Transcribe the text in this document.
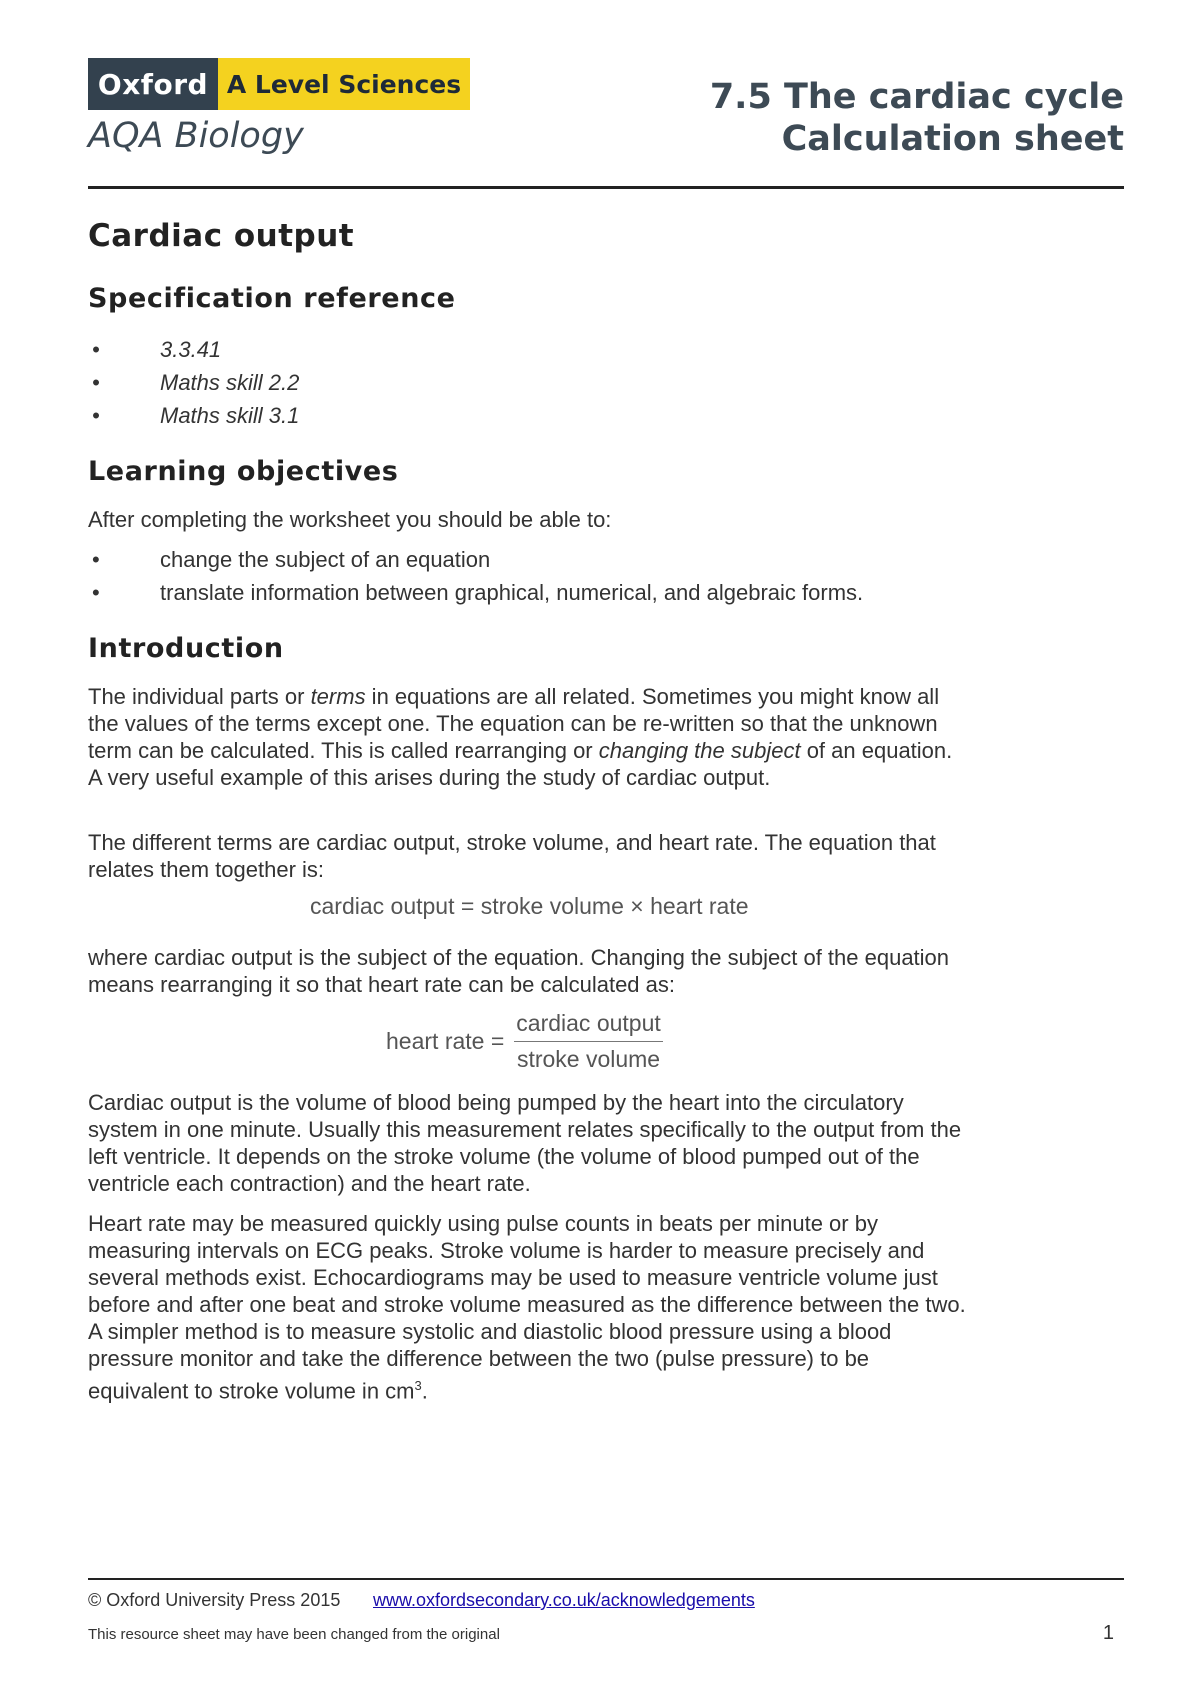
Oxford A Level Sciences
AQA Biology
7.5 The cardiac cycle
Calculation sheet
Cardiac output
Specification reference
• 3.3.41
• Maths skill 2.2
• Maths skill 3.1
Learning objectives
After completing the worksheet you should be able to:
• change the subject of an equation
• translate information between graphical, numerical, and algebraic forms.
Introduction
The individual parts or terms in equations are all related. Sometimes you might know all the values of the terms except one. The equation can be re-written so that the unknown term can be calculated. This is called rearranging or changing the subject of an equation. A very useful example of this arises during the study of cardiac output.
The different terms are cardiac output, stroke volume, and heart rate. The equation that relates them together is:
cardiac output = stroke volume × heart rate
where cardiac output is the subject of the equation. Changing the subject of the equation means rearranging it so that heart rate can be calculated as:
heart rate = $\frac{\text{cardiac output}}{\text{stroke volume}}$
Cardiac output is the volume of blood being pumped by the heart into the circulatory system in one minute. Usually this measurement relates specifically to the output from the left ventricle. It depends on the stroke volume (the volume of blood pumped out of the ventricle each contraction) and the heart rate.
Heart rate may be measured quickly using pulse counts in beats per minute or by measuring intervals on ECG peaks. Stroke volume is harder to measure precisely and several methods exist. Echocardiograms may be used to measure ventricle volume just before and after one beat and stroke volume measured as the difference between the two. A simpler method is to measure systolic and diastolic blood pressure using a blood pressure monitor and take the difference between the two (pulse pressure) to be equivalent to stroke volume in $cm^3$.
© Oxford University Press 2015 www.oxfordsecondary.co.uk/acknowledgements
This resource sheet may have been changed from the original	1
